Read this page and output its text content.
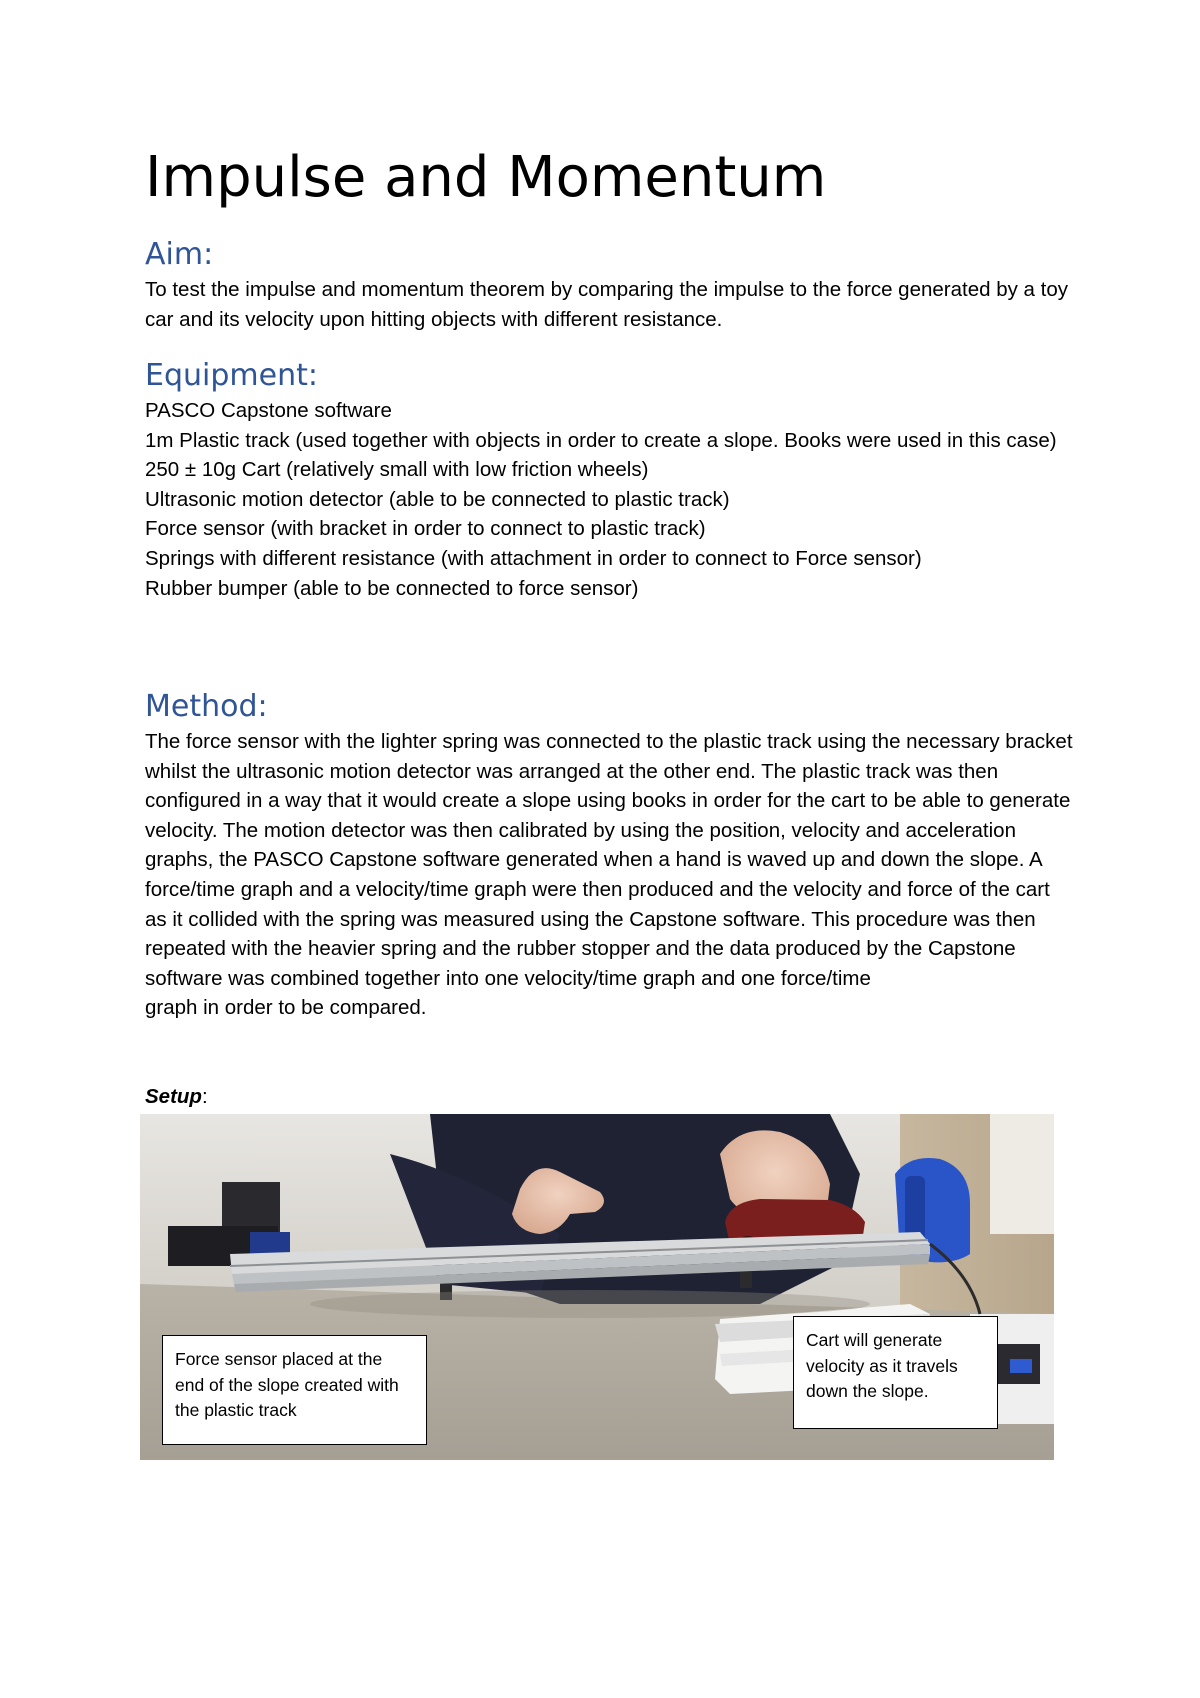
Impulse and Momentum
Aim:

To test the impulse and momentum theorem by comparing the impulse to the force generated by a toy car and its velocity upon hitting objects with different resistance.

Equipment:
PASCO Capstone software
1m Plastic track (used together with objects in order to create a slope. Books were used in this case)
250 ± 10g Cart (relatively small with low friction wheels)
Ultrasonic motion detector (able to be connected to plastic track)
Force sensor (with bracket in order to connect to plastic track)
Springs with different resistance (with attachment in order to connect to Force sensor)
Rubber bumper (able to be connected to force sensor)
Method:

The force sensor with the lighter spring was connected to the plastic track using the necessary bracket whilst the ultrasonic motion detector was arranged at the other end. The plastic track was then configured in a way that it would create a slope using books in order for the cart to be able to generate velocity. The motion detector was then calibrated by using the position, velocity and acceleration graphs, the PASCO Capstone software generated when a hand is waved up and down the slope. A force/time graph and a velocity/time graph were then produced and the velocity and force of the cart as it collided with the spring was measured using the Capstone software. This procedure was then repeated with the heavier spring and the rubber stopper and the data produced by the Capstone software was combined together into one velocity/time graph and one force/time

graph in order to be compared.

Setup:
Force sensor placed at the end of the slope created with the plastic track
Cart will generate velocity as it travels down the slope.
